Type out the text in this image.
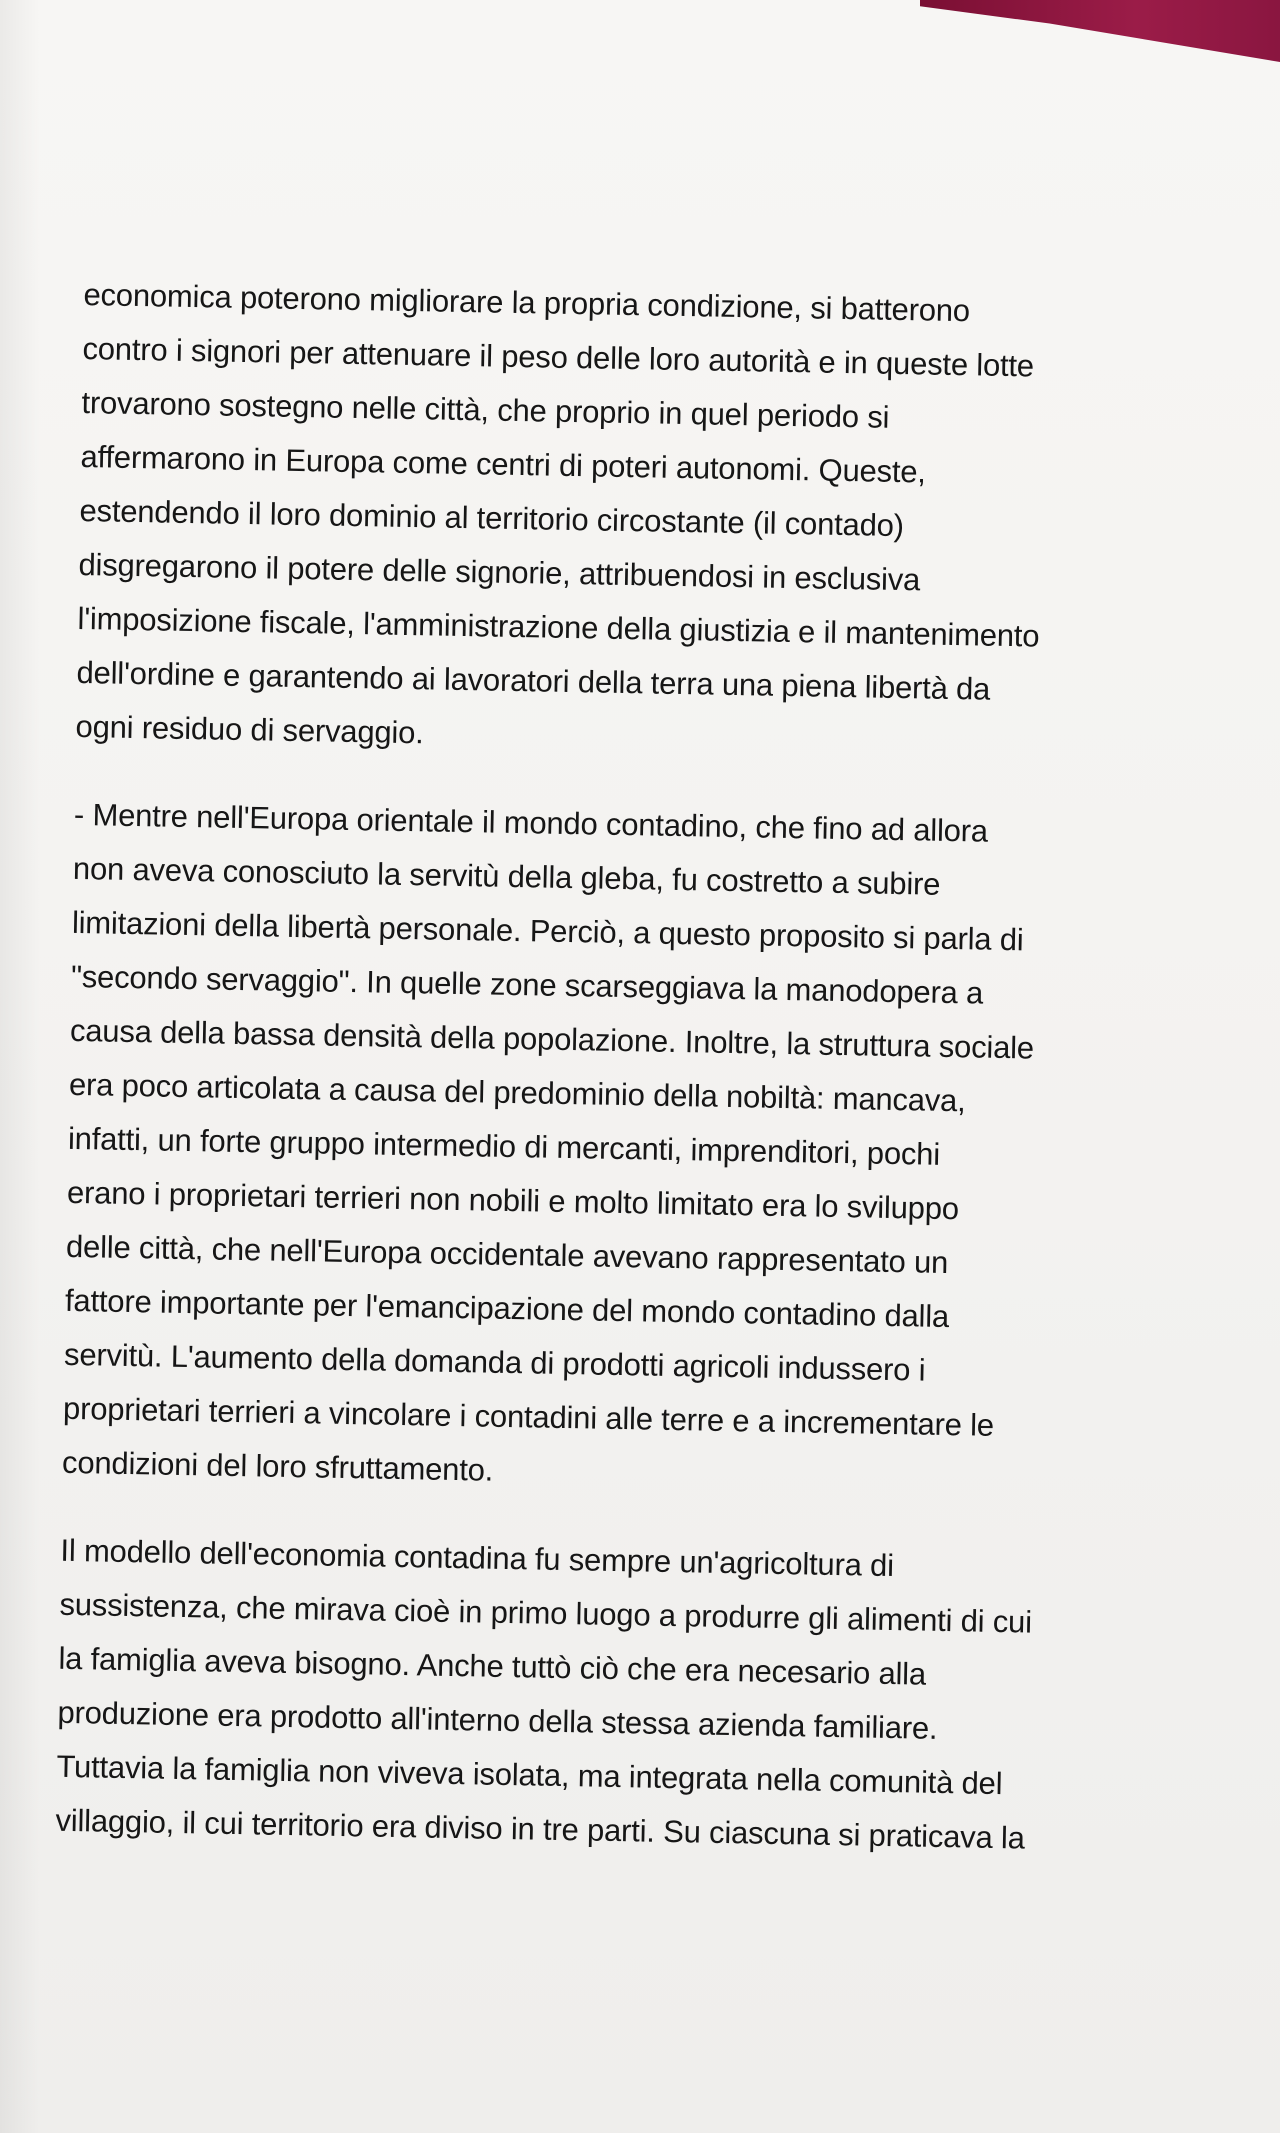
economica poterono migliorare la propria condizione, si batterono
contro i signori per attenuare il peso delle loro autorità e in queste lotte
trovarono sostegno nelle città, che proprio in quel periodo si
affermarono in Europa come centri di poteri autonomi. Queste,
estendendo il loro dominio al territorio circostante (il contado)
disgregarono il potere delle signorie, attribuendosi in esclusiva
l'imposizione fiscale, l'amministrazione della giustizia e il mantenimento
dell'ordine e garantendo ai lavoratori della terra una piena libertà da
ogni residuo di servaggio.

- Mentre nell'Europa orientale il mondo contadino, che fino ad allora
non aveva conosciuto la servitù della gleba, fu costretto a subire
limitazioni della libertà personale. Perciò, a questo proposito si parla di
"secondo servaggio". In quelle zone scarseggiava la manodopera a
causa della bassa densità della popolazione. Inoltre, la struttura sociale
era poco articolata a causa del predominio della nobiltà: mancava,
infatti, un forte gruppo intermedio di mercanti, imprenditori, pochi
erano i proprietari terrieri non nobili e molto limitato era lo sviluppo
delle città, che nell'Europa occidentale avevano rappresentato un
fattore importante per l'emancipazione del mondo contadino dalla
servitù. L'aumento della domanda di prodotti agricoli indussero i
proprietari terrieri a vincolare i contadini alle terre e a incrementare le
condizioni del loro sfruttamento.

Il modello dell'economia contadina fu sempre un'agricoltura di
sussistenza, che mirava cioè in primo luogo a produrre gli alimenti di cui
la famiglia aveva bisogno. Anche tuttò ciò che era necesario alla
produzione era prodotto all'interno della stessa azienda familiare.
Tuttavia la famiglia non viveva isolata, ma integrata nella comunità del
villaggio, il cui territorio era diviso in tre parti. Su ciascuna si praticava la
